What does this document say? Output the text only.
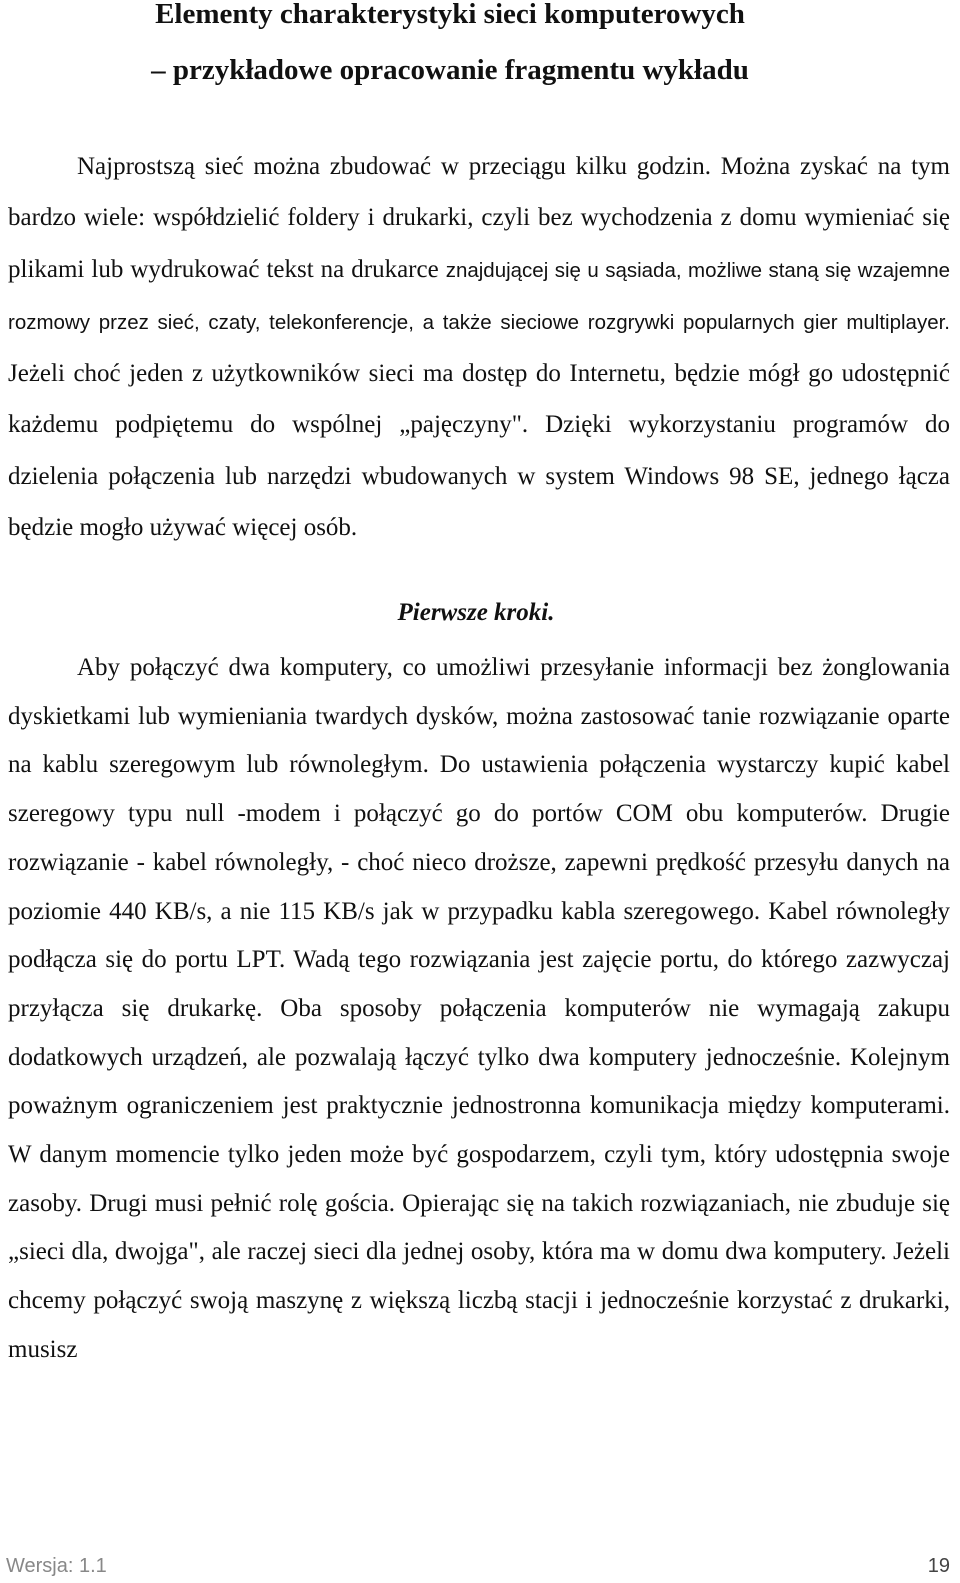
Elementy charakterystyki sieci komputerowych
– przykładowe opracowanie fragmentu wykładu

Najprostszą sieć można zbudować w przeciągu kilku godzin. Można zyskać na tym bardzo wiele: współdzielić foldery i drukarki, czyli bez wychodzenia z domu wymieniać się plikami lub wydrukować tekst na drukarce znajdującej się u sąsiada, możliwe staną się wzajemne rozmowy przez sieć, czaty, telekonferencje, a także sieciowe rozgrywki popularnych gier multiplayer. Jeżeli choć jeden z użytkowników sieci ma dostęp do Internetu, będzie mógł go udostępnić każdemu podpiętemu do wspólnej „pajęczyny". Dzięki wykorzystaniu programów do dzielenia połączenia lub narzędzi wbudowanych w system Windows 98 SE, jednego łącza będzie mogło używać więcej osób.

Pierwsze kroki.

Aby połączyć dwa komputery, co umożliwi przesyłanie informacji bez żonglowania dyskietkami lub wymieniania twardych dysków, można zastosować tanie rozwiązanie oparte na kablu szeregowym lub równoległym. Do ustawienia połączenia wystarczy kupić kabel szeregowy typu null -modem i połączyć go do portów COM obu komputerów. Drugie rozwiązanie - kabel równoległy, - choć nieco droższe, zapewni prędkość przesyłu danych na poziomie 440 KB/s, a nie 115 KB/s jak w przypadku kabla szeregowego. Kabel równoległy podłącza się do portu LPT. Wadą tego rozwiązania jest zajęcie portu, do którego zazwyczaj przyłącza się drukarkę. Oba sposoby połączenia komputerów nie wymagają zakupu dodatkowych urządzeń, ale pozwalają łączyć tylko dwa komputery jednocześnie. Kolejnym poważnym ograniczeniem jest praktycznie jednostronna komunikacja między komputerami. W danym momencie tylko jeden może być gospodarzem, czyli tym, który udostępnia swoje zasoby. Drugi musi pełnić rolę gościa. Opierając się na takich rozwiązaniach, nie zbuduje się „sieci dla, dwojga", ale raczej sieci dla jednej osoby, która ma w domu dwa komputery. Jeżeli chcemy połączyć swoją maszynę z większą liczbą stacji i jednocześnie korzystać z drukarki, musisz

Wersja: 1.1	19
